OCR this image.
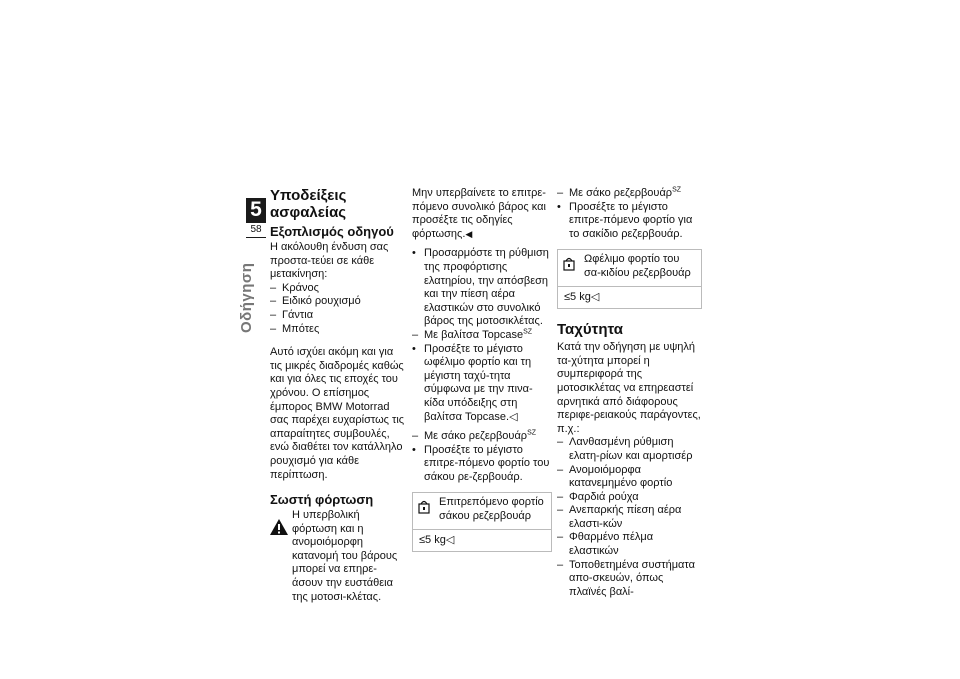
5
58
Οδήγηση
Υποδείξεις ασφαλείας
Εξοπλισμός οδηγού

Η ακόλουθη ένδυση σας προστα-τεύει σε κάθε μετακίνηση:

– Κράνος
– Ειδικό ρουχισμό
– Γάντια
– Μπότες

Αυτό ισχύει ακόμη και για τις μικρές διαδρομές καθώς και για όλες τις εποχές του χρόνου. Ο επίσημος έμπορος BMW Motorrad σας παρέχει ευχαρίστως τις απαραίτητες συμβουλές, ενώ διαθέτει τον κατάλληλο ρουχισμό για κάθε περίπτωση.

Σωστή φόρτωση
Η υπερβολική φόρτωση και η ανομοιόμορφη κατανομή του βάρους μπορεί να επηρε-άσουν την ευστάθεια της μοτοσι-κλέτας.

Μην υπερβαίνετε το επιτρε-πόμενο συνολικό βάρος και προσέξτε τις οδηγίες φόρτωσης.◀

• Προσαρμόστε τη ρύθμιση της προφόρτισης ελατηρίου, την απόσβεση και την πίεση αέρα ελαστικών στο συνολικό βάρος της μοτοσικλέτας.
– Με βαλίτσα Topcase$^{SZ}$
• Προσέξτε το μέγιστο ωφέλιμο φορτίο και τη μέγιστη ταχύ-τητα σύμφωνα με την πινα-κίδα υπόδειξης στη βαλίτσα Topcase.◁
– Με σάκο ρεζερβουάρ$^{SZ}$
• Προσέξτε το μέγιστο επιτρε-πόμενο φορτίο του σάκου ρε-ζερβουάρ.
Επιτρεπόμενο φορτίο σάκου ρεζερβουάρ
≤5 kg◁
– Με σάκο ρεζερβουάρ$^{SZ}$
• Προσέξτε το μέγιστο επιτρε-πόμενο φορτίο για το σακίδιο ρεζερβουάρ.
Ωφέλιμο φορτίο του σα-κιδίου ρεζερβουάρ
≤5 kg◁
Ταχύτητα

Κατά την οδήγηση με υψηλή τα-χύτητα μπορεί η συμπεριφορά της μοτοσικλέτας να επηρεαστεί αρνητικά από διάφορους περιφε-ρειακούς παράγοντες, π.χ.:

– Λανθασμένη ρύθμιση ελατη-ρίων και αμορτισέρ
– Ανομοιόμορφα κατανεμημένο φορτίο
– Φαρδιά ρούχα
– Ανεπαρκής πίεση αέρα ελαστι-κών
– Φθαρμένο πέλμα ελαστικών
– Τοποθετημένα συστήματα απο-σκευών, όπως πλαϊνές βαλί-
